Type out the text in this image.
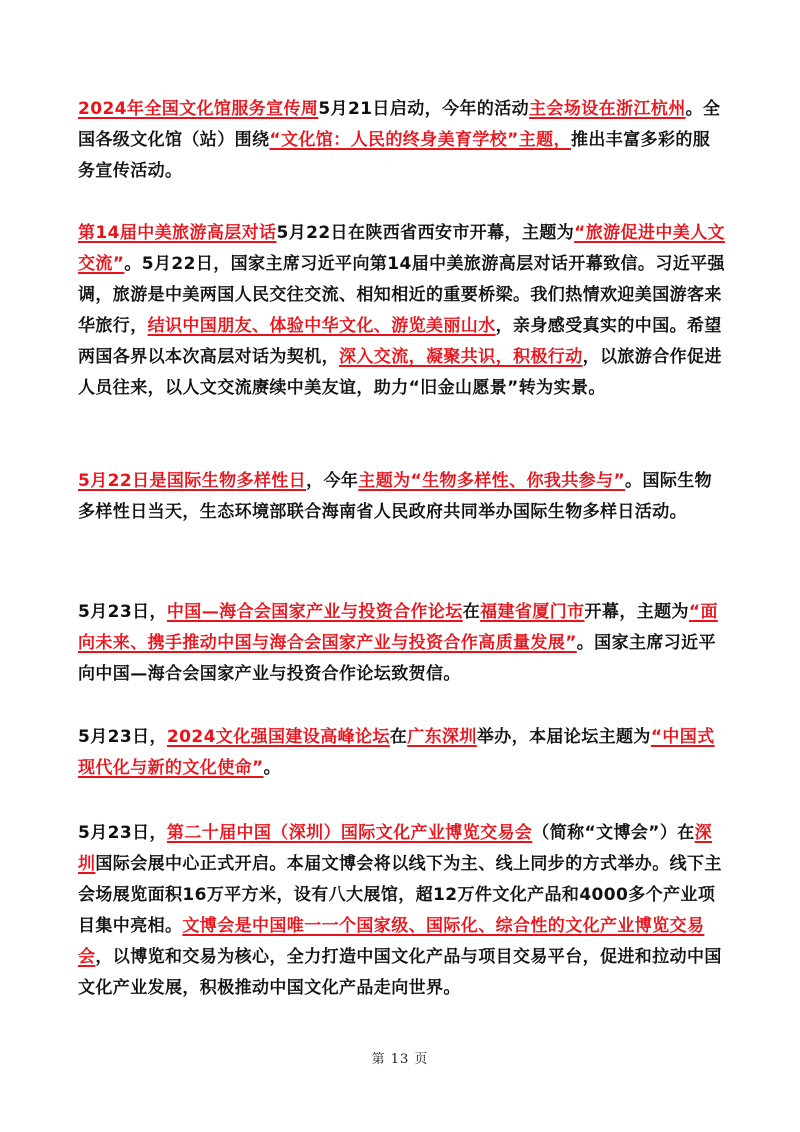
2024年全国文化馆服务宣传周5月21日启动，今年的活动主会场设在浙江杭州。全国各级文化馆（站）围绕“文化馆：人民的终身美育学校”主题，推出丰富多彩的服务宣传活动。
第14届中美旅游高层对话5月22日在陕西省西安市开幕，主题为“旅游促进中美人文交流”。5月22日，国家主席习近平向第14届中美旅游高层对话开幕致信。习近平强调，旅游是中美两国人民交往交流、相知相近的重要桥梁。我们热情欢迎美国游客来华旅行，结识中国朋友、体验中华文化、游览美丽山水，亲身感受真实的中国。希望两国各界以本次高层对话为契机，深入交流，凝聚共识，积极行动，以旅游合作促进人员往来，以人文交流赓续中美友谊，助力“旧金山愿景”转为实景。
5月22日是国际生物多样性日，今年主题为“生物多样性、你我共参与”。国际生物多样性日当天，生态环境部联合海南省人民政府共同举办国际生物多样日活动。
5月23日，中国—海合会国家产业与投资合作论坛在福建省厦门市开幕，主题为“面向未来、携手推动中国与海合会国家产业与投资合作高质量发展”。国家主席习近平向中国—海合会国家产业与投资合作论坛致贺信。
5月23日，2024文化强国建设高峰论坛在广东深圳举办，本届论坛主题为“中国式现代化与新的文化使命”。
5月23日，第二十届中国（深圳）国际文化产业博览交易会（简称“文博会”）在深圳国际会展中心正式开启。本届文博会将以线下为主、线上同步的方式举办。线下主会场展览面积16万平方米，设有八大展馆，超12万件文化产品和4000多个产业项目集中亮相。文博会是中国唯一一个国家级、国际化、综合性的文化产业博览交易会，以博览和交易为核心，全力打造中国文化产品与项目交易平台，促进和拉动中国文化产业发展，积极推动中国文化产品走向世界。
第 13 页
